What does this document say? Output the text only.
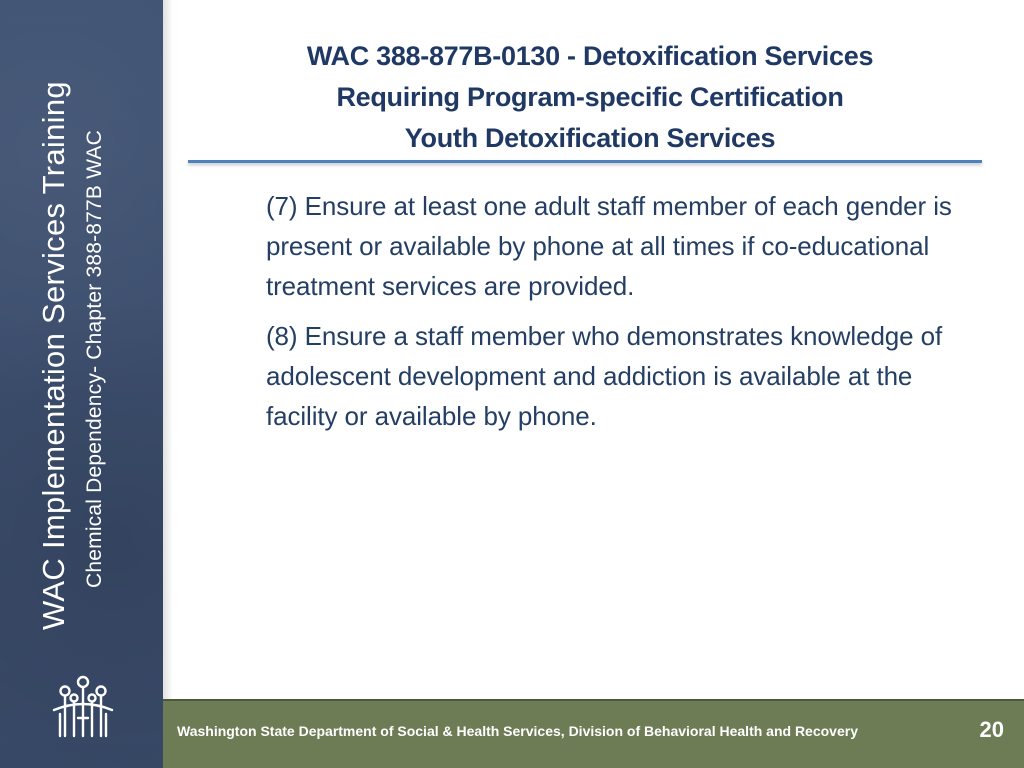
WAC Implementation Services Training Chemical Dependency- Chapter 388-877B WAC
WAC 388-877B-0130 - Detoxification Services
Requiring Program-specific Certification
Youth Detoxification Services

(7) Ensure at least one adult staff member of each gender is present or available by phone at all times if co-educational treatment services are provided.

(8) Ensure a staff member who demonstrates knowledge of adolescent development and addiction is available at the facility or available by phone.

Washington State Department of Social & Health Services, Division of Behavioral Health and Recovery	20
